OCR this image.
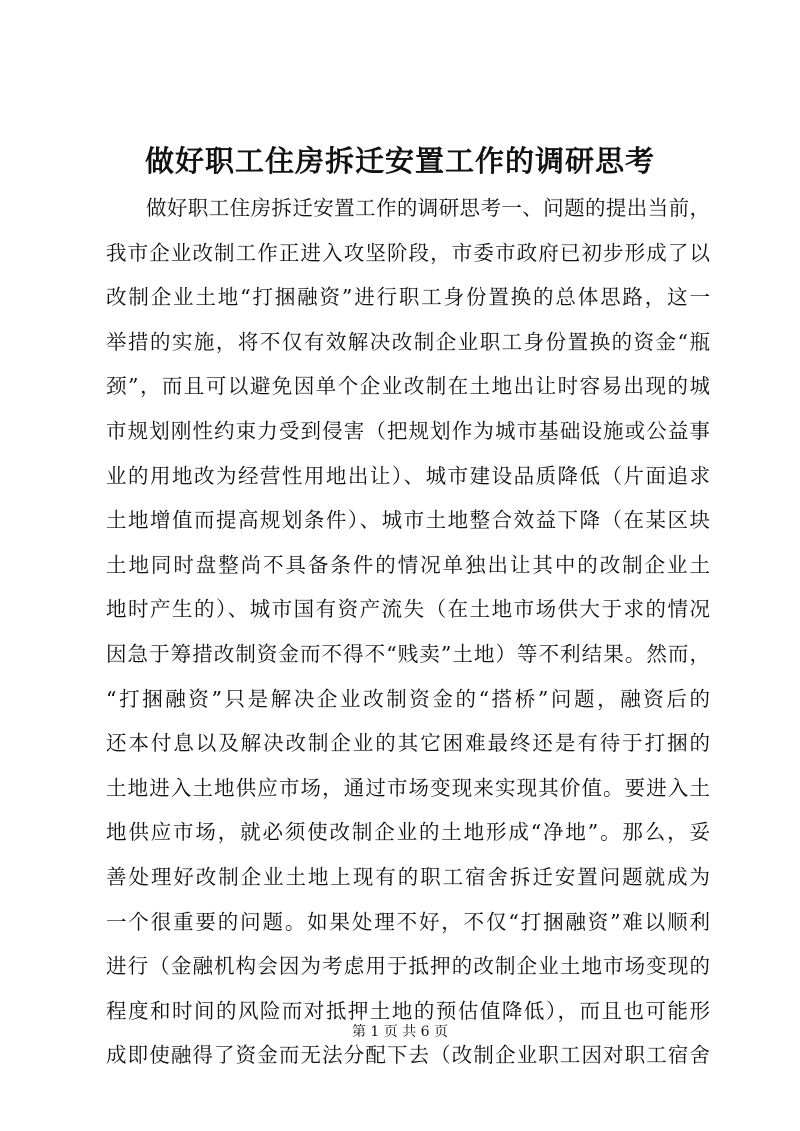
做好职工住房拆迁安置工作的调研思考
做好职工住房拆迁安置工作的调研思考一、问题的提出当前，
我市企业改制工作正进入攻坚阶段，市委市政府已初步形成了以
改制企业土地“打捆融资”进行职工身份置换的总体思路，这一
举措的实施，将不仅有效解决改制企业职工身份置换的资金“瓶
颈”，而且可以避免因单个企业改制在土地出让时容易出现的城
市规划刚性约束力受到侵害（把规划作为城市基础设施或公益事
业的用地改为经营性用地出让）、城市建设品质降低（片面追求
土地增值而提高规划条件）、城市土地整合效益下降（在某区块
土地同时盘整尚不具备条件的情况单独出让其中的改制企业土
地时产生的）、城市国有资产流失（在土地市场供大于求的情况
因急于筹措改制资金而不得不“贱卖”土地）等不利结果。然而，
“打捆融资”只是解决企业改制资金的“搭桥”问题，融资后的
还本付息以及解决改制企业的其它困难最终还是有待于打捆的
土地进入土地供应市场，通过市场变现来实现其价值。要进入土
地供应市场，就必须使改制企业的土地形成“净地”。那么，妥
善处理好改制企业土地上现有的职工宿舍拆迁安置问题就成为
一个很重要的问题。如果处理不好，不仅“打捆融资”难以顺利
进行（金融机构会因为考虑用于抵押的改制企业土地市场变现的
程度和时间的风险而对抵押土地的预估值降低），而且也可能形
成即使融得了资金而无法分配下去（改制企业职工因对职工宿舍
第 1 页 共 6 页
